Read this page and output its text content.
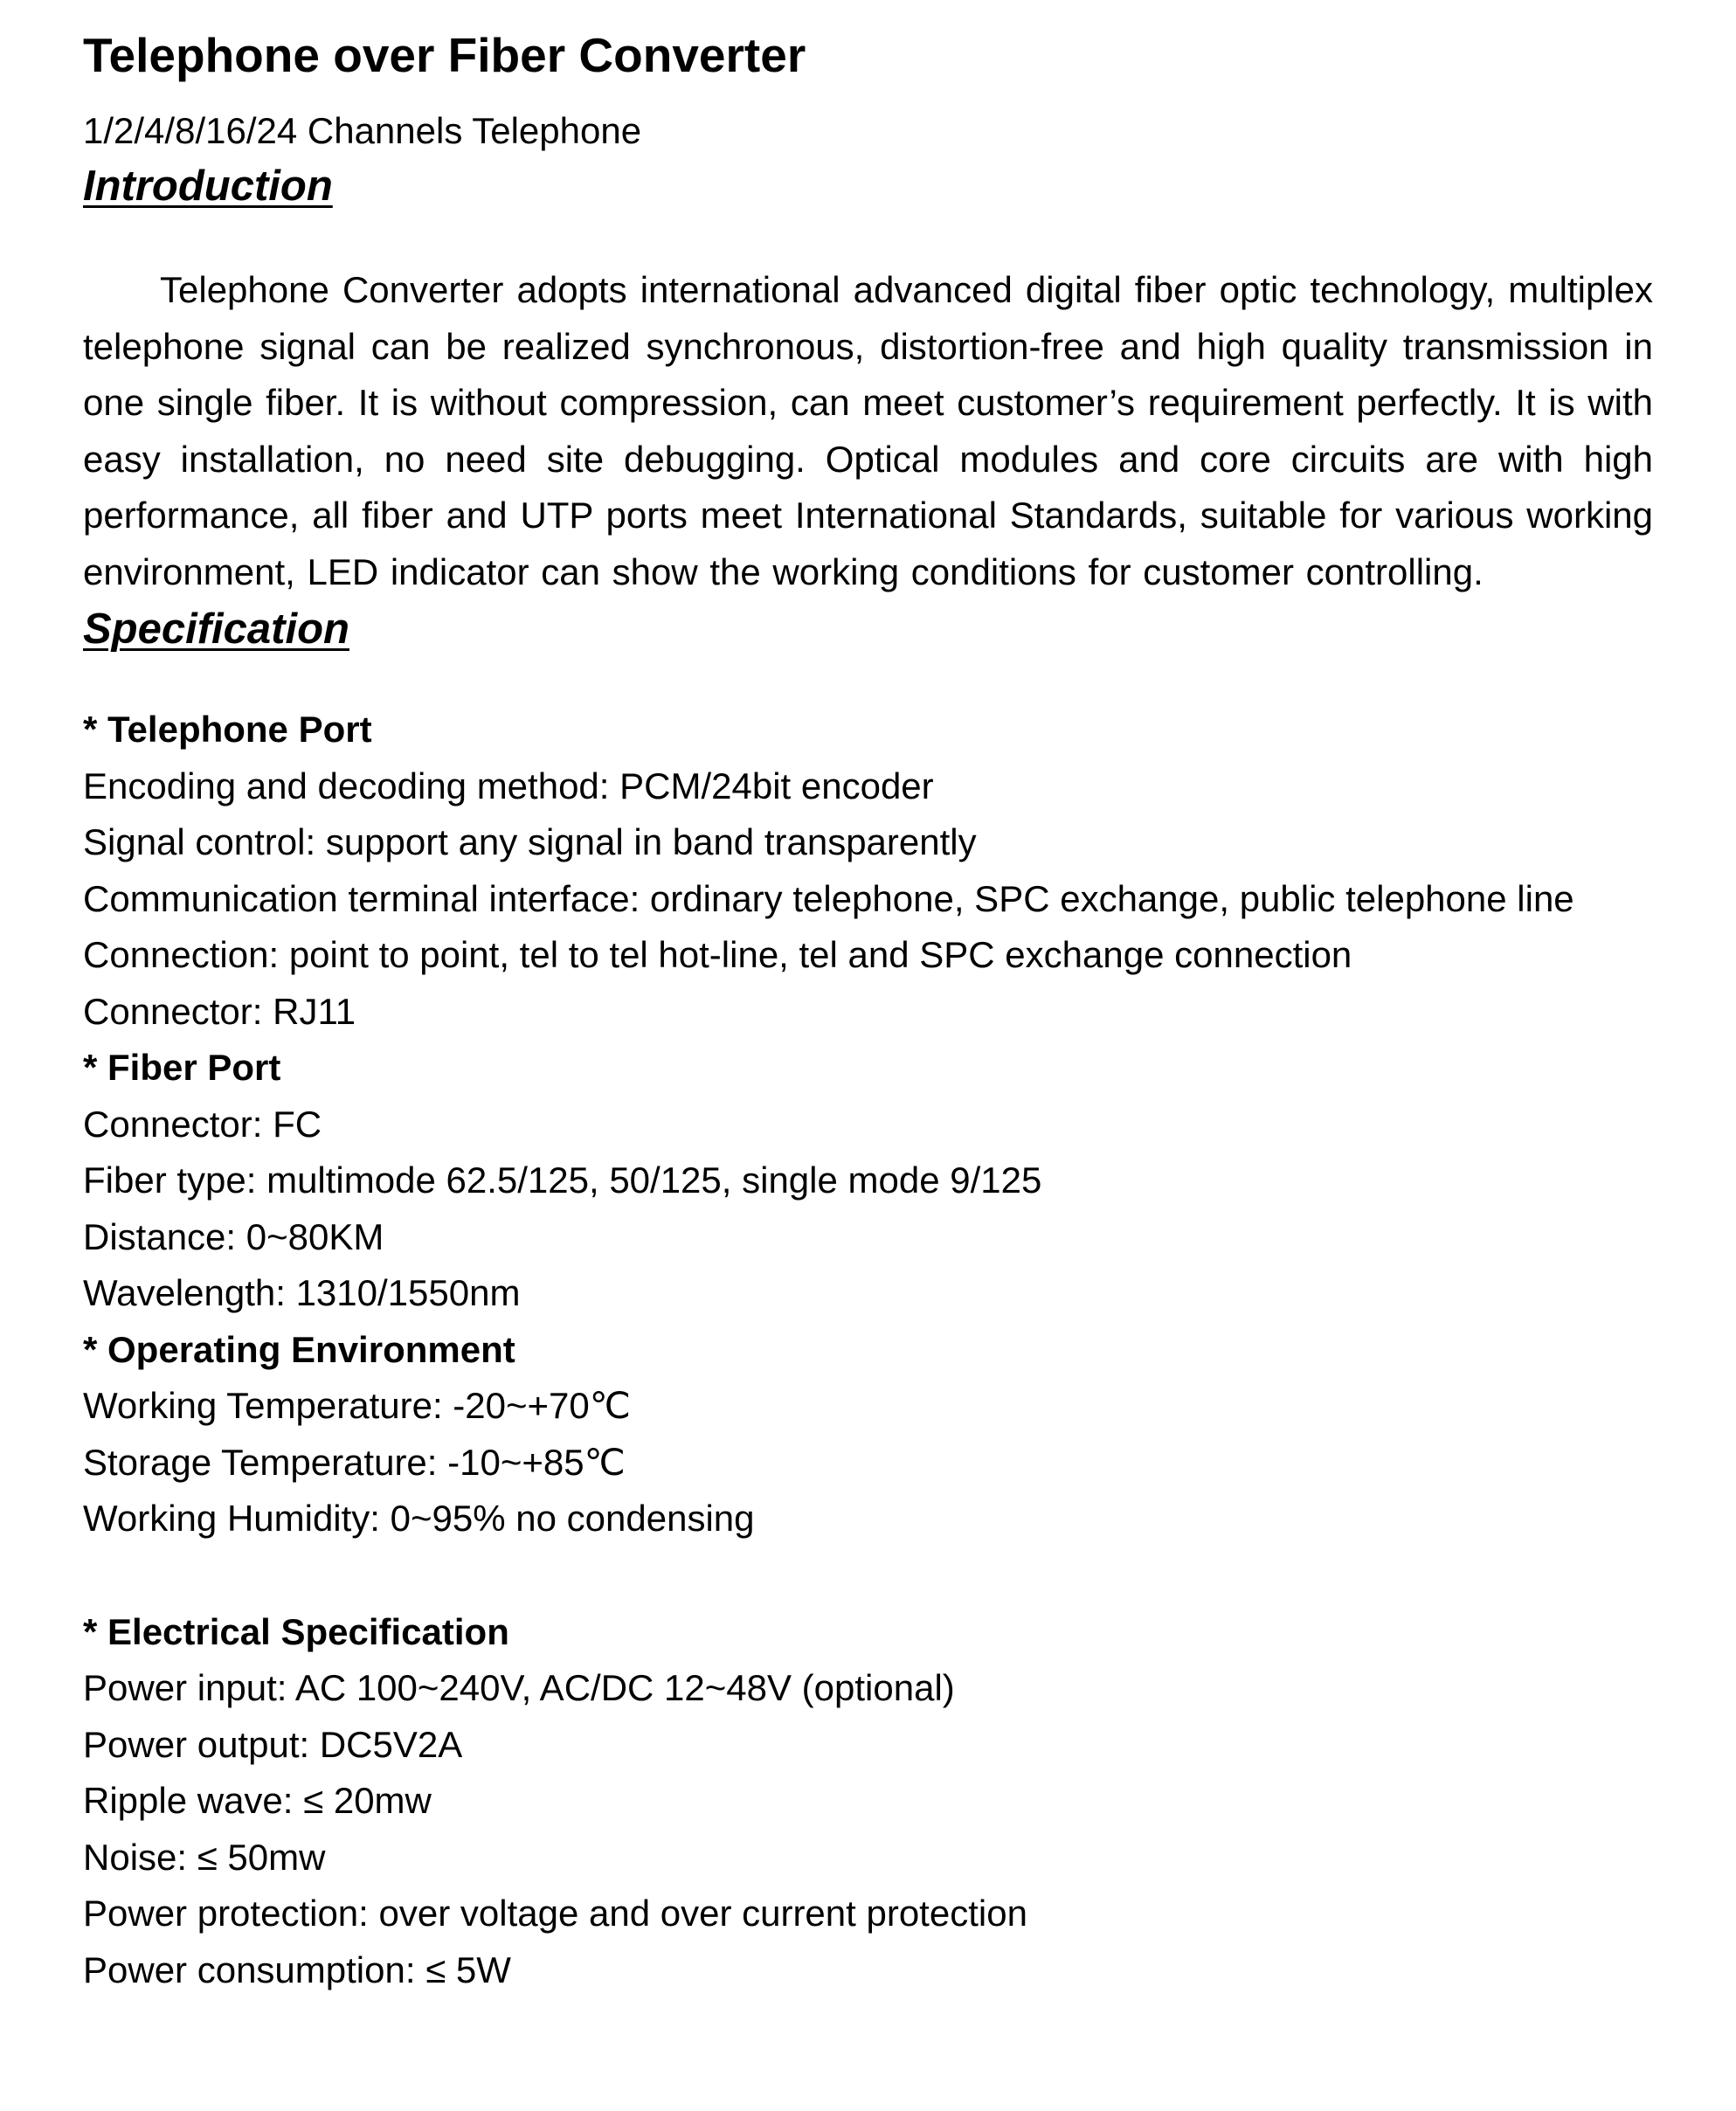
Telephone over Fiber Converter

1/2/4/8/16/24 Channels Telephone

Introduction

Telephone Converter adopts international advanced digital fiber optic technology, multiplex telephone signal can be realized synchronous, distortion-free and high quality transmission in one single fiber. It is without compression, can meet customer’s requirement perfectly. It is with easy installation, no need site debugging. Optical modules and core circuits are with high performance, all fiber and UTP ports meet International Standards, suitable for various working environment, LED indicator can show the working conditions for customer controlling.

Specification

* Telephone Port

Encoding and decoding method: PCM/24bit encoder

Signal control: support any signal in band transparently

Communication terminal interface: ordinary telephone, SPC exchange, public telephone line

Connection: point to point, tel to tel hot-line, tel and SPC exchange connection

Connector: RJ11

* Fiber Port

Connector: FC

Fiber type: multimode 62.5/125, 50/125, single mode 9/125

Distance: 0~80KM

Wavelength: 1310/1550nm

* Operating Environment

Working Temperature: -20~+70℃

Storage Temperature: -10~+85℃

Working Humidity: 0~95% no condensing

* Electrical Specification

Power input: AC 100~240V, AC/DC 12~48V (optional)

Power output: DC5V2A

Ripple wave: ≤ 20mw

Noise: ≤ 50mw

Power protection: over voltage and over current protection

Power consumption: ≤ 5W
